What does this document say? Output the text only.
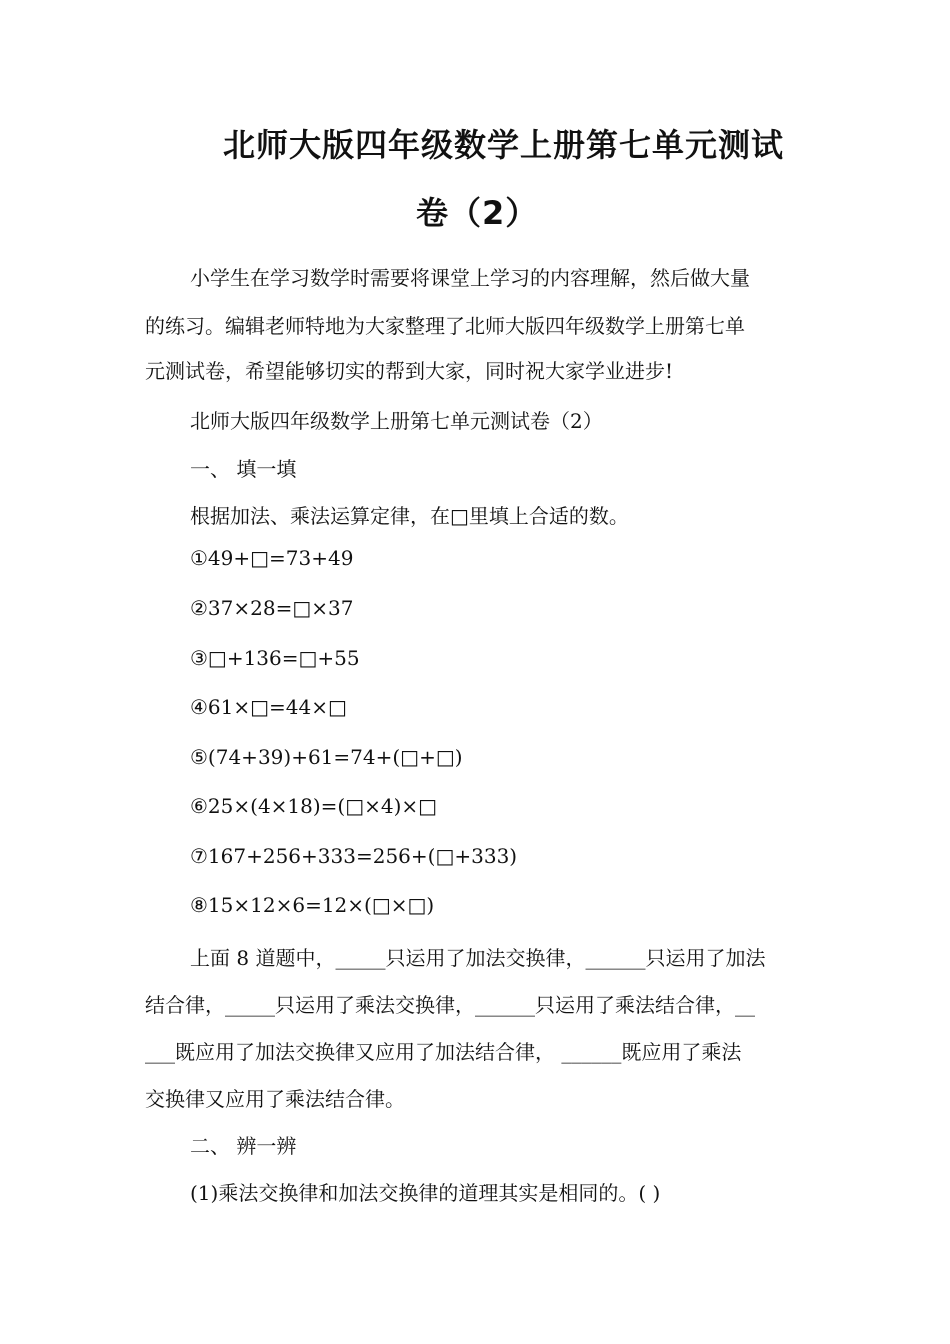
北师大版四年级数学上册第七单元测试
卷（2）
小学生在学习数学时需要将课堂上学习的内容理解，然后做大量
的练习。编辑老师特地为大家整理了北师大版四年级数学上册第七单
元测试卷，希望能够切实的帮到大家，同时祝大家学业进步!
北师大版四年级数学上册第七单元测试卷（2）
一、 填一填
根据加法、乘法运算定律，在□里填上合适的数。
①49+□=73+49
②37×28=□×37
③□+136=□+55
④61×□=44×□
⑤(74+39)+61=74+(□+□)
⑥25×(4×18)=(□×4)×□
⑦167+256+333=256+(□+333)
⑧15×12×6=12×(□×□)
上面 8 道题中，_____只运用了加法交换律，______只运用了加法
结合律，_____只运用了乘法交换律，______只运用了乘法结合律，__
___既应用了加法交换律又应用了加法结合律， ______既应用了乘法
交换律又应用了乘法结合律。
二、 辨一辨
(1)乘法交换律和加法交换律的道理其实是相同的。( )
